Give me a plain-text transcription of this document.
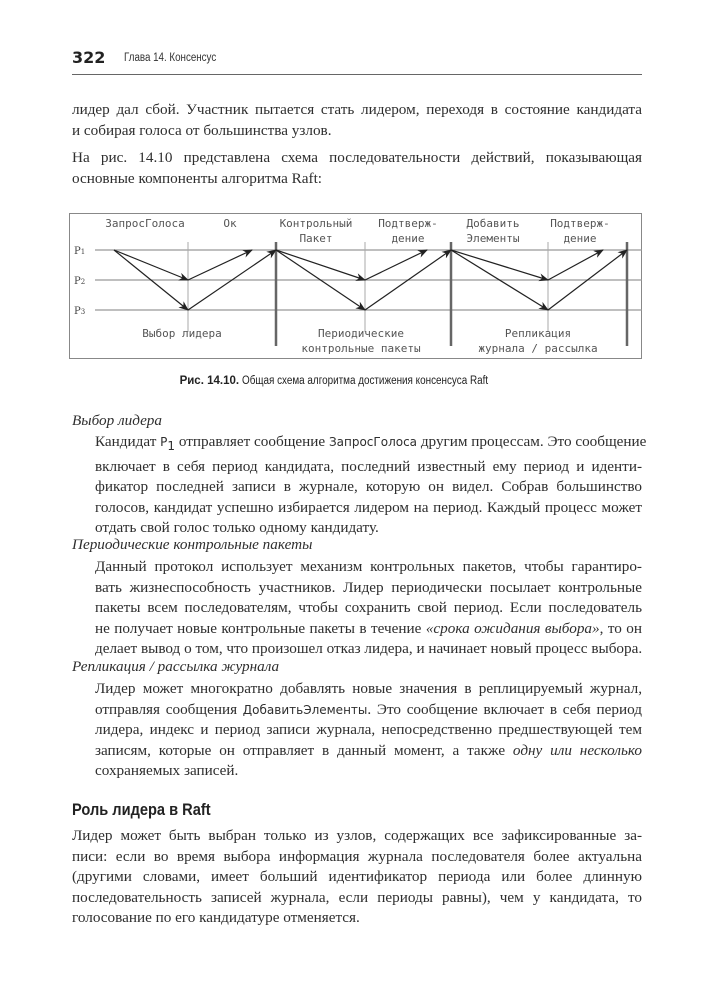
322 Глава 14. Консенсус
лидер дал сбой. Участник пытается стать лидером, переходя в состояние кандидата
и собирая голоса от большинства узлов.
На рис. 14.10 представлена схема последовательности действий, показывающая
основные компоненты алгоритма Raft:
P1
P2
P3
ЗапросГолоса	Ок	Контрольный
Пакет
Подтверж-
дение
Добавить
Элементы
Подтверж-
дение
Выбор лидера	Периодические
контрольные пакеты
Репликация
журнала / рассылка
Рис. 14.10. Общая схема алгоритма достижения консенсуса Raft
Выбор лидера
Кандидат $P_1$ отправляет сообщение ЗапросГолоса другим процессам. Это сообщение
включает в себя период кандидата, последний известный ему период и иденти-
фикатор последней записи в журнале, которую он видел. Собрав большинство
голосов, кандидат успешно избирается лидером на период. Каждый процесс может
отдать свой голос только одному кандидату.
Периодические контрольные пакеты
Данный протокол использует механизм контрольных пакетов, чтобы гарантиро-
вать жизнеспособность участников. Лидер периодически посылает контрольные
пакеты всем последователям, чтобы сохранить свой период. Если последователь
не получает новые контрольные пакеты в течение «срока ожидания выбора», то он
делает вывод о том, что произошел отказ лидера, и начинает новый процесс выбора.
Репликация / рассылка журнала
Лидер может многократно добавлять новые значения в реплицируемый журнал,
отправляя сообщения ДобавитьЭлементы. Это сообщение включает в себя период
лидера, индекс и период записи журнала, непосредственно предшествующей тем
записям, которые он отправляет в данный момент, а также одну или несколько
сохраняемых записей.
Роль лидера в Raft
Лидер может быть выбран только из узлов, содержащих все зафиксированные за-
писи: если во время выбора информация журнала последователя более актуальна
(другими словами, имеет больший идентификатор периода или более длинную
последовательность записей журнала, если периоды равны), чем у кандидата, то
голосование по его кандидатуре отменяется.
